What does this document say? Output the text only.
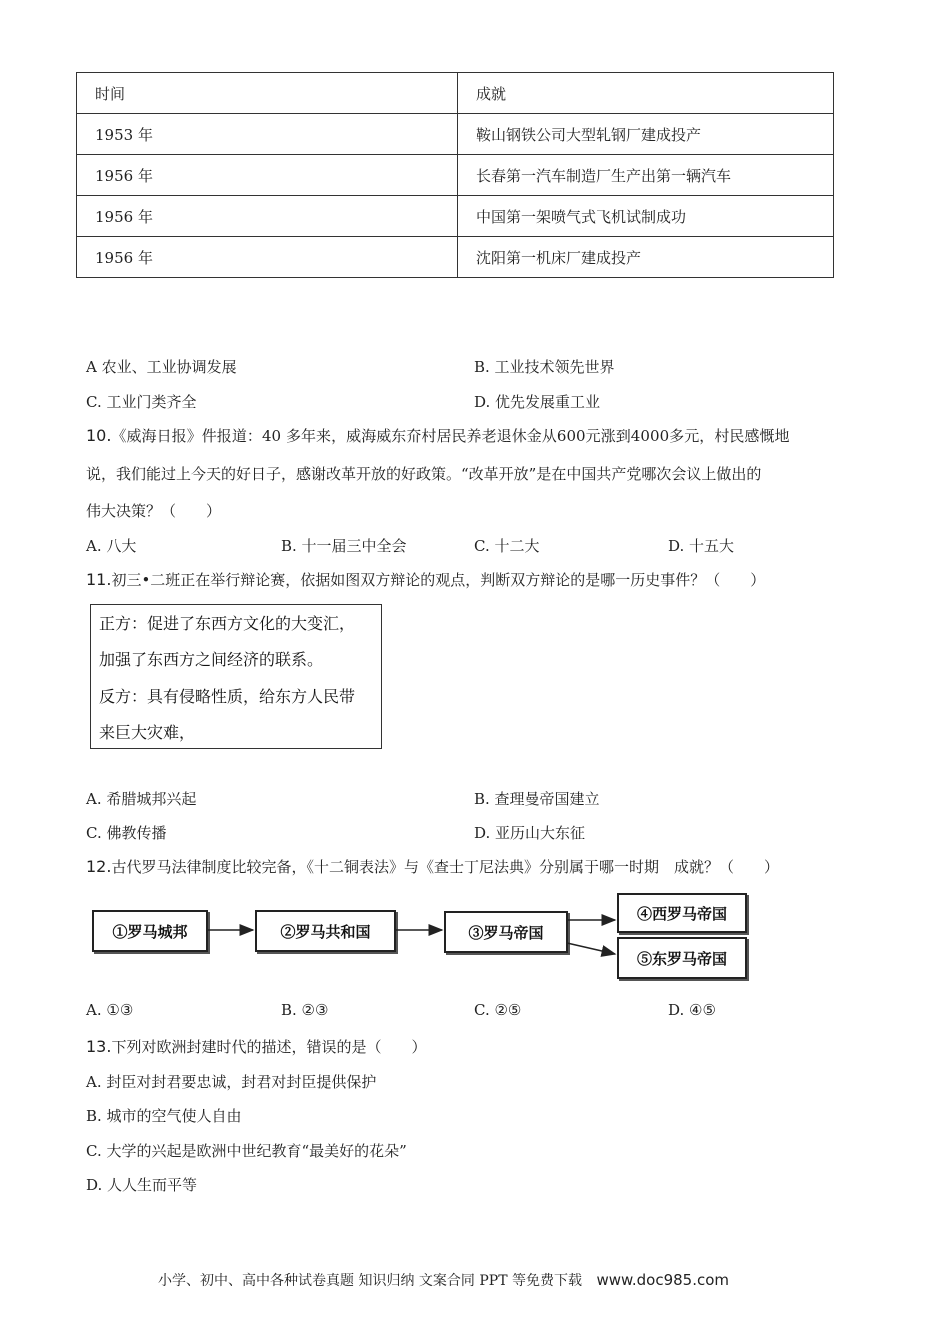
时间	成就
1953 年	鞍山钢铁公司大型轧钢厂建成投产
1956 年	长春第一汽车制造厂生产出第一辆汽车
1956 年	中国第一架喷气式飞机试制成功
1956 年	沈阳第一机床厂建成投产
A 农业、工业协调发展	B. 工业技术领先世界
C. 工业门类齐全	D. 优先发展重工业
10.《威海日报》件报道：40 多年来，威海威东夼村居民养老退休金从600元涨到4000多元，村民感慨地
说，我们能过上今天的好日子，感谢改革开放的好政策。“改革开放”是在中国共产党哪次会议上做出的
伟大决策？（　　）
A. 八大	B. 十一届三中全会	C. 十二大	D. 十五大
11.初三•二班正在举行辩论赛，依据如图双方辩论的观点，判断双方辩论的是哪一历史事件？（　　）
正方：促进了东西方文化的大变汇，
加强了东西方之间经济的联系。
反方：具有侵略性质，给东方人民带
来巨大灾难，
A. 希腊城邦兴起	B. 查理曼帝国建立
C. 佛教传播	D. 亚历山大东征
12.古代罗马法律制度比较完备，《十二铜表法》与《查士丁尼法典》分别属于哪一时期　成就？（　　）
①罗马城邦	②罗马共和国	③罗马帝国
④西罗马帝国
⑤东罗马帝国
A. ①③	B. ②③	C. ②⑤	D. ④⑤
13.下列对欧洲封建时代的描述，错误的是（　　）
A. 封臣对封君要忠诚，封君对封臣提供保护
B. 城市的空气使人自由
C. 大学的兴起是欧洲中世纪教育“最美好的花朵”
D. 人人生而平等
小学、初中、高中各种试卷真题 知识归纳 文案合同 PPT 等免费下载 www.doc985.com
